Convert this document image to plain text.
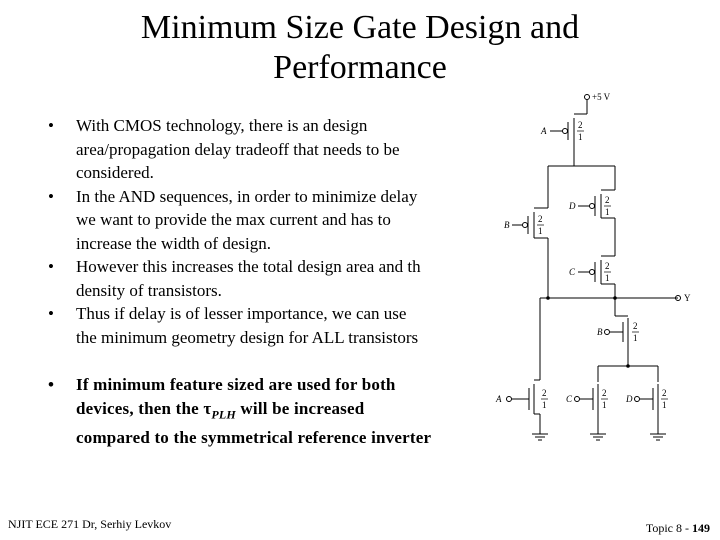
Minimum Size Gate Design and
Performance
• With CMOS technology, there is an design
area/propagation delay tradeoff that needs to be
considered.
• In the AND sequences, in order to minimize delay
we want to provide the max current and has to
increase the width of design.
• However this increases the total design area and th
density of transistors.
• Thus if delay is of lesser importance, we can use
the minimum geometry design for ALL transistors
• If minimum feature sized are used for both
devices, then the $\tau_{PLH}$ will be increased
compared to the symmetrical reference inverter
+5 V
Y
A
B
D
C
B
A	C	D
2
1
2
1
2
1
2
1
2
1
2
1
2
1
2
1
NJIT ECE 271 Dr, Serhiy Levkov	Topic 8 - 149
